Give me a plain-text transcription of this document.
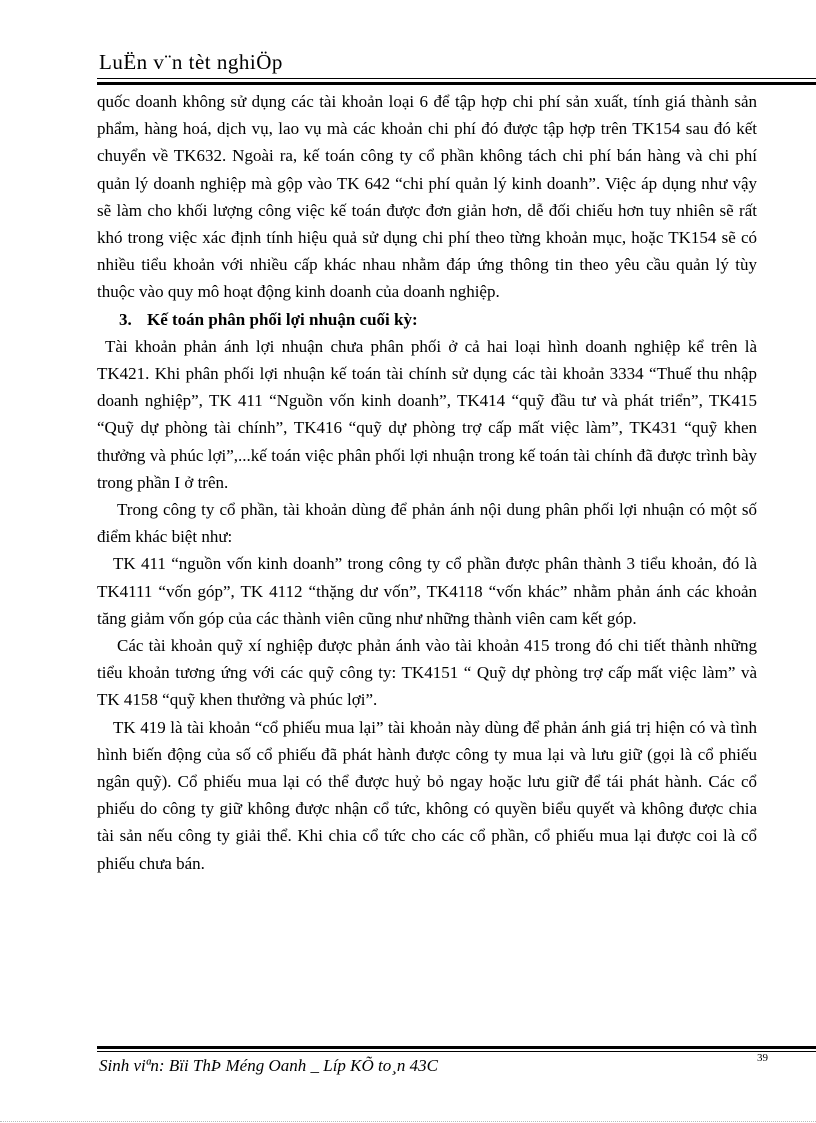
LuËn v¨n tèt nghiÖp

quốc doanh không sử dụng các tài khoản loại 6 để tập hợp chi phí sản xuất, tính giá thành sản phẩm, hàng hoá, dịch vụ, lao vụ mà các khoản chi phí đó được tập hợp trên TK154 sau đó kết chuyển về TK632. Ngoài ra, kế toán công ty cổ phần không tách chi phí bán hàng và chi phí quản lý doanh nghiệp mà gộp vào TK 642 “chi phí quản lý kinh doanh”. Việc áp dụng như vậy sẽ làm cho khối lượng công việc kế toán được đơn giản hơn, dễ đối chiếu hơn tuy nhiên sẽ rất khó trong việc xác định tính hiệu quả sử dụng chi phí theo từng khoản mục, hoặc TK154 sẽ có nhiều tiểu khoản với nhiều cấp khác nhau nhằm đáp ứng thông tin theo yêu cầu quản lý tùy thuộc vào quy mô hoạt động kinh doanh của doanh nghiệp.

3. Kế toán phân phối lợi nhuận cuối kỳ:

Tài khoản phản ánh lợi nhuận chưa phân phối ở cả hai loại hình doanh nghiệp kể trên là TK421. Khi phân phối lợi nhuận kế toán tài chính sử dụng các tài khoản 3334 “Thuế thu nhập doanh nghiệp”, TK 411 “Nguồn vốn kinh doanh”, TK414 “quỹ đầu tư và phát triển”, TK415 “Quỹ dự phòng tài chính”, TK416 “quỹ dự phòng trợ cấp mất việc làm”, TK431 “quỹ khen thưởng và phúc lợi”,...kế toán việc phân phối lợi nhuận trong kế toán tài chính đã được trình bày trong phần I ở trên.

Trong công ty cổ phần, tài khoản dùng để phản ánh nội dung phân phối lợi nhuận có một số điểm khác biệt như:

TK 411 “nguồn vốn kinh doanh” trong công ty cổ phần được phân thành 3 tiểu khoản, đó là TK4111 “vốn góp”, TK 4112 “thặng dư vốn”, TK4118 “vốn khác” nhằm phản ánh các khoản tăng giảm vốn góp của các thành viên cũng như những thành viên cam kết góp.

Các tài khoản quỹ xí nghiệp được phản ánh vào tài khoản 415 trong đó chi tiết thành những tiểu khoản tương ứng với các quỹ công ty: TK4151 “ Quỹ dự phòng trợ cấp mất việc làm” và TK 4158 “quỹ khen thưởng và phúc lợi”.

TK 419 là tài khoản “cổ phiếu mua lại” tài khoản này dùng để phản ánh giá trị hiện có và tình hình biến động của số cổ phiếu đã phát hành được công ty mua lại và lưu giữ (gọi là cổ phiếu ngân quỹ). Cổ phiếu mua lại có thể được huỷ bỏ ngay hoặc lưu giữ để tái phát hành. Các cổ phiếu do công ty giữ không được nhận cổ tức, không có quyền biểu quyết và không được chia tài sản nếu công ty giải thể. Khi chia cổ tức cho các cổ phần, cổ phiếu mua lại được coi là cổ phiếu chưa bán.

Sinh viªn: Bïi ThÞ Méng Oanh _ Líp KÕ to¸n 43C	39
